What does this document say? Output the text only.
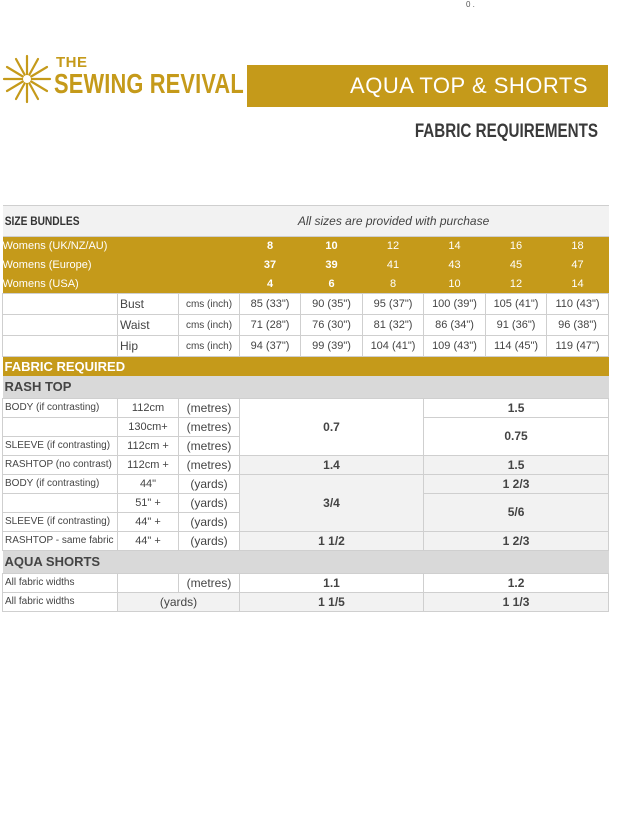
0 .
THE
SEWING REVIVAL	AQUA TOP & SHORTS
FABRIC REQUIREMENTS
SIZE BUNDLES		All sizes are provided with purchase						
Womens (UK/NZ/AU)			8	10	12	14	16	18
Womens (Europe)			37	39	41	43	45	47
Womens (USA)			4	6	8	10	12	14
	Bust	cms (inch)	85 (33")	90 (35")	95 (37")	100 (39")	105 (41")	110 (43")
	Waist	cms (inch)	71 (28")	76 (30")	81 (32")	86 (34")	91 (36")	96 (38")
	Hip	cms (inch)	94 (37")	99 (39")	104 (41")	109 (43")	114 (45")	119 (47")
FABRIC REQUIRED								
RASH TOP								
BODY (if contrasting)	112cm	(metres)	0.7			1.5		
	130cm+	(metres)				0.75		
SLEEVE (if contrasting)	112cm +	(metres)						
RASHTOP (no contrast)	112cm +	(metres)	1.4			1.5		
BODY (if contrasting)	44"	(yards)	3/4			1 2/3		
	51" +	(yards)				5/6		
SLEEVE (if contrasting)	44" +	(yards)						
RASHTOP - same fabric	44" +	(yards)	1 1/2			1 2/3		
AQUA SHORTS								
All fabric widths		(metres)	1.1			1.2		
All fabric widths	(yards)		1 1/5			1 1/3		
